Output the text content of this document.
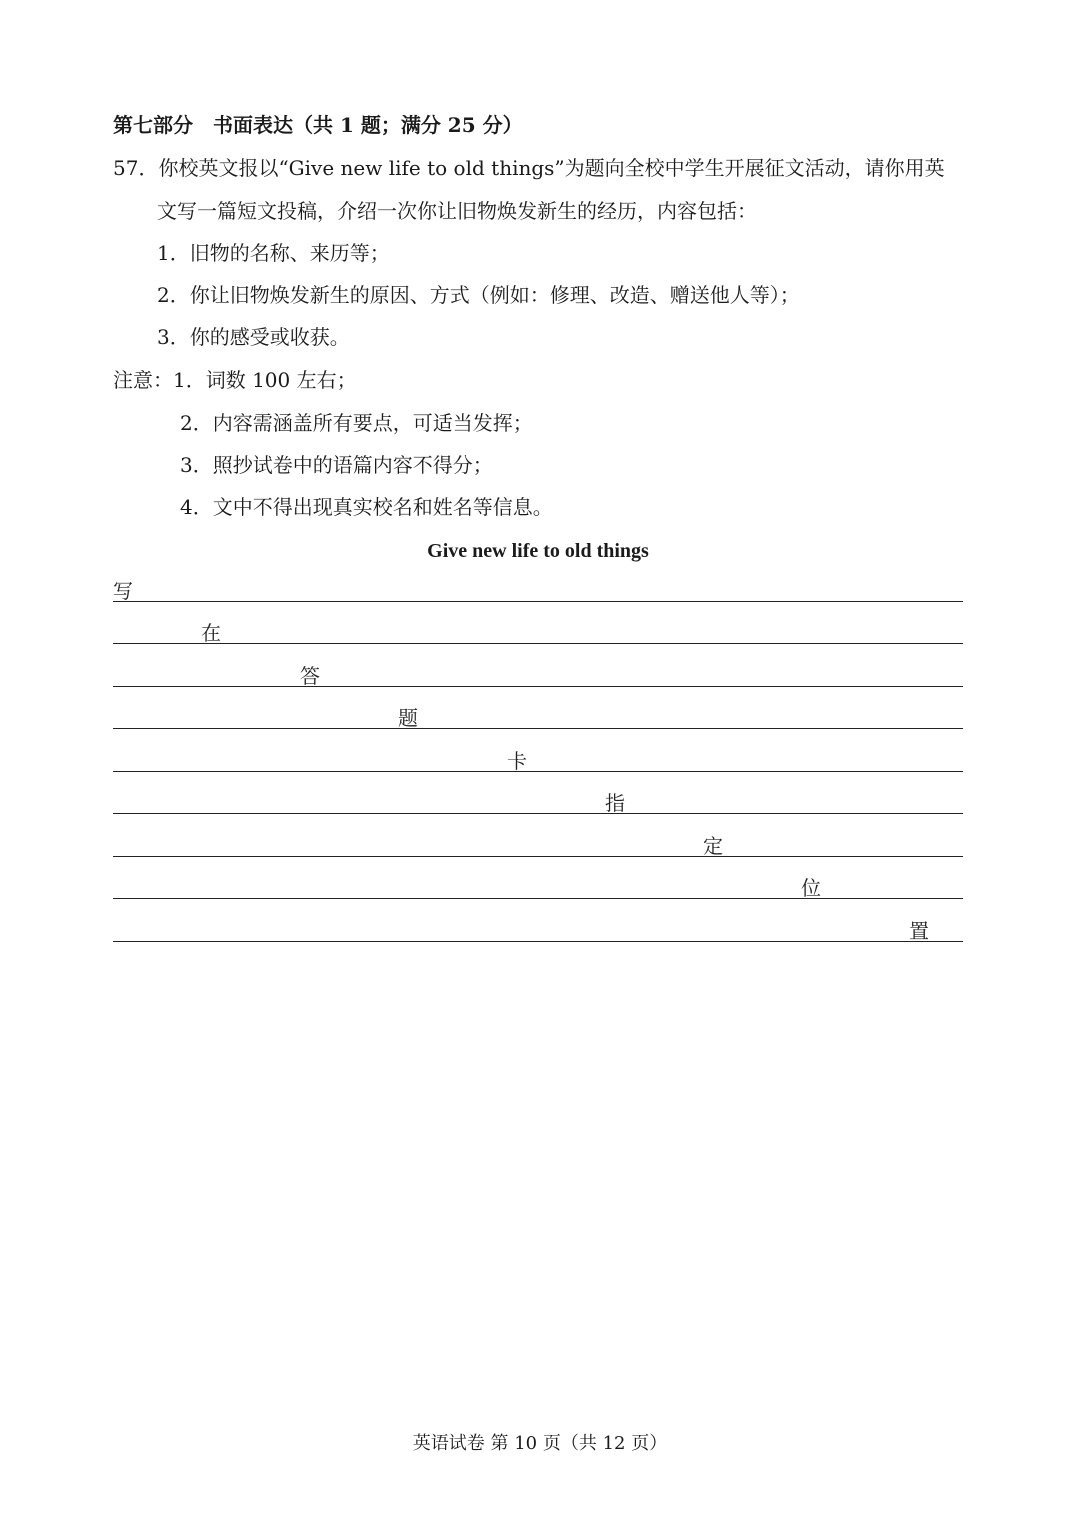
第七部分　书面表达（共 1 题；满分 25 分）
57．你校英文报以“Give new life to old things”为题向全校中学生开展征文活动，请你用英
文写一篇短文投稿，介绍一次你让旧物焕发新生的经历，内容包括：
1．旧物的名称、来历等；
2．你让旧物焕发新生的原因、方式（例如：修理、改造、赠送他人等）；
3．你的感受或收获。
注意：1．词数 100 左右；
2．内容需涵盖所有要点，可适当发挥；
3．照抄试卷中的语篇内容不得分；
4．文中不得出现真实校名和姓名等信息。
Give new life to old things
写
在
答
题
卡
指
定
位
置
英语试卷 第 10 页（共 12 页）
